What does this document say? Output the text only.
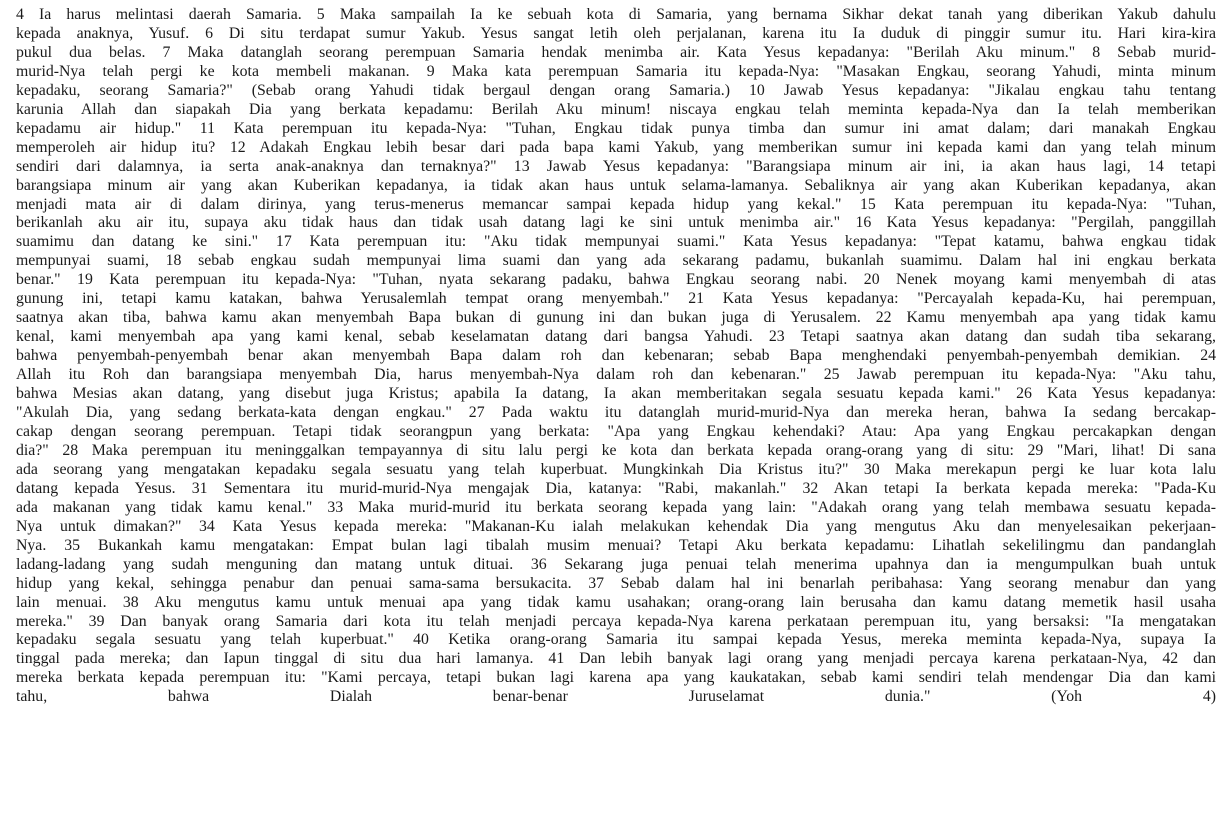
4 Ia harus melintasi daerah Samaria. 5 Maka sampailah Ia ke sebuah kota di Samaria, yang bernama Sikhar dekat tanah yang diberikan Yakub dahulu
kepada anaknya, Yusuf. 6 Di situ terdapat sumur Yakub. Yesus sangat letih oleh perjalanan, karena itu Ia duduk di pinggir sumur itu. Hari kira-kira
pukul dua belas. 7 Maka datanglah seorang perempuan Samaria hendak menimba air. Kata Yesus kepadanya: "Berilah Aku minum." 8 Sebab murid-
murid-Nya telah pergi ke kota membeli makanan. 9 Maka kata perempuan Samaria itu kepada-Nya: "Masakan Engkau, seorang Yahudi, minta minum
kepadaku, seorang Samaria?" (Sebab orang Yahudi tidak bergaul dengan orang Samaria.) 10 Jawab Yesus kepadanya: "Jikalau engkau tahu tentang
karunia Allah dan siapakah Dia yang berkata kepadamu: Berilah Aku minum! niscaya engkau telah meminta kepada-Nya dan Ia telah memberikan
kepadamu air hidup." 11 Kata perempuan itu kepada-Nya: "Tuhan, Engkau tidak punya timba dan sumur ini amat dalam; dari manakah Engkau
memperoleh air hidup itu? 12 Adakah Engkau lebih besar dari pada bapa kami Yakub, yang memberikan sumur ini kepada kami dan yang telah minum
sendiri dari dalamnya, ia serta anak-anaknya dan ternaknya?" 13 Jawab Yesus kepadanya: "Barangsiapa minum air ini, ia akan haus lagi, 14 tetapi
barangsiapa minum air yang akan Kuberikan kepadanya, ia tidak akan haus untuk selama-lamanya. Sebaliknya air yang akan Kuberikan kepadanya, akan
menjadi mata air di dalam dirinya, yang terus-menerus memancar sampai kepada hidup yang kekal." 15 Kata perempuan itu kepada-Nya: "Tuhan,
berikanlah aku air itu, supaya aku tidak haus dan tidak usah datang lagi ke sini untuk menimba air." 16 Kata Yesus kepadanya: "Pergilah, panggillah
suamimu dan datang ke sini." 17 Kata perempuan itu: "Aku tidak mempunyai suami." Kata Yesus kepadanya: "Tepat katamu, bahwa engkau tidak
mempunyai suami, 18 sebab engkau sudah mempunyai lima suami dan yang ada sekarang padamu, bukanlah suamimu. Dalam hal ini engkau berkata
benar." 19 Kata perempuan itu kepada-Nya: "Tuhan, nyata sekarang padaku, bahwa Engkau seorang nabi. 20 Nenek moyang kami menyembah di atas
gunung ini, tetapi kamu katakan, bahwa Yerusalemlah tempat orang menyembah." 21 Kata Yesus kepadanya: "Percayalah kepada-Ku, hai perempuan,
saatnya akan tiba, bahwa kamu akan menyembah Bapa bukan di gunung ini dan bukan juga di Yerusalem. 22 Kamu menyembah apa yang tidak kamu
kenal, kami menyembah apa yang kami kenal, sebab keselamatan datang dari bangsa Yahudi. 23 Tetapi saatnya akan datang dan sudah tiba sekarang,
bahwa penyembah-penyembah benar akan menyembah Bapa dalam roh dan kebenaran; sebab Bapa menghendaki penyembah-penyembah demikian. 24
Allah itu Roh dan barangsiapa menyembah Dia, harus menyembah-Nya dalam roh dan kebenaran." 25 Jawab perempuan itu kepada-Nya: "Aku tahu,
bahwa Mesias akan datang, yang disebut juga Kristus; apabila Ia datang, Ia akan memberitakan segala sesuatu kepada kami." 26 Kata Yesus kepadanya:
"Akulah Dia, yang sedang berkata-kata dengan engkau." 27 Pada waktu itu datanglah murid-murid-Nya dan mereka heran, bahwa Ia sedang bercakap-
cakap dengan seorang perempuan. Tetapi tidak seorangpun yang berkata: "Apa yang Engkau kehendaki? Atau: Apa yang Engkau percakapkan dengan
dia?" 28 Maka perempuan itu meninggalkan tempayannya di situ lalu pergi ke kota dan berkata kepada orang-orang yang di situ: 29 "Mari, lihat! Di sana
ada seorang yang mengatakan kepadaku segala sesuatu yang telah kuperbuat. Mungkinkah Dia Kristus itu?" 30 Maka merekapun pergi ke luar kota lalu
datang kepada Yesus. 31 Sementara itu murid-murid-Nya mengajak Dia, katanya: "Rabi, makanlah." 32 Akan tetapi Ia berkata kepada mereka: "Pada-Ku
ada makanan yang tidak kamu kenal." 33 Maka murid-murid itu berkata seorang kepada yang lain: "Adakah orang yang telah membawa sesuatu kepada-
Nya untuk dimakan?" 34 Kata Yesus kepada mereka: "Makanan-Ku ialah melakukan kehendak Dia yang mengutus Aku dan menyelesaikan pekerjaan-
Nya. 35 Bukankah kamu mengatakan: Empat bulan lagi tibalah musim menuai? Tetapi Aku berkata kepadamu: Lihatlah sekelilingmu dan pandanglah
ladang-ladang yang sudah menguning dan matang untuk dituai. 36 Sekarang juga penuai telah menerima upahnya dan ia mengumpulkan buah untuk
hidup yang kekal, sehingga penabur dan penuai sama-sama bersukacita. 37 Sebab dalam hal ini benarlah peribahasa: Yang seorang menabur dan yang
lain menuai. 38 Aku mengutus kamu untuk menuai apa yang tidak kamu usahakan; orang-orang lain berusaha dan kamu datang memetik hasil usaha
mereka." 39 Dan banyak orang Samaria dari kota itu telah menjadi percaya kepada-Nya karena perkataan perempuan itu, yang bersaksi: "Ia mengatakan
kepadaku segala sesuatu yang telah kuperbuat." 40 Ketika orang-orang Samaria itu sampai kepada Yesus, mereka meminta kepada-Nya, supaya Ia
tinggal pada mereka; dan Iapun tinggal di situ dua hari lamanya. 41 Dan lebih banyak lagi orang yang menjadi percaya karena perkataan-Nya, 42 dan
mereka berkata kepada perempuan itu: "Kami percaya, tetapi bukan lagi karena apa yang kaukatakan, sebab kami sendiri telah mendengar Dia dan kami
tahu, bahwa Dialah benar-benar Juruselamat dunia." (Yoh 4)
